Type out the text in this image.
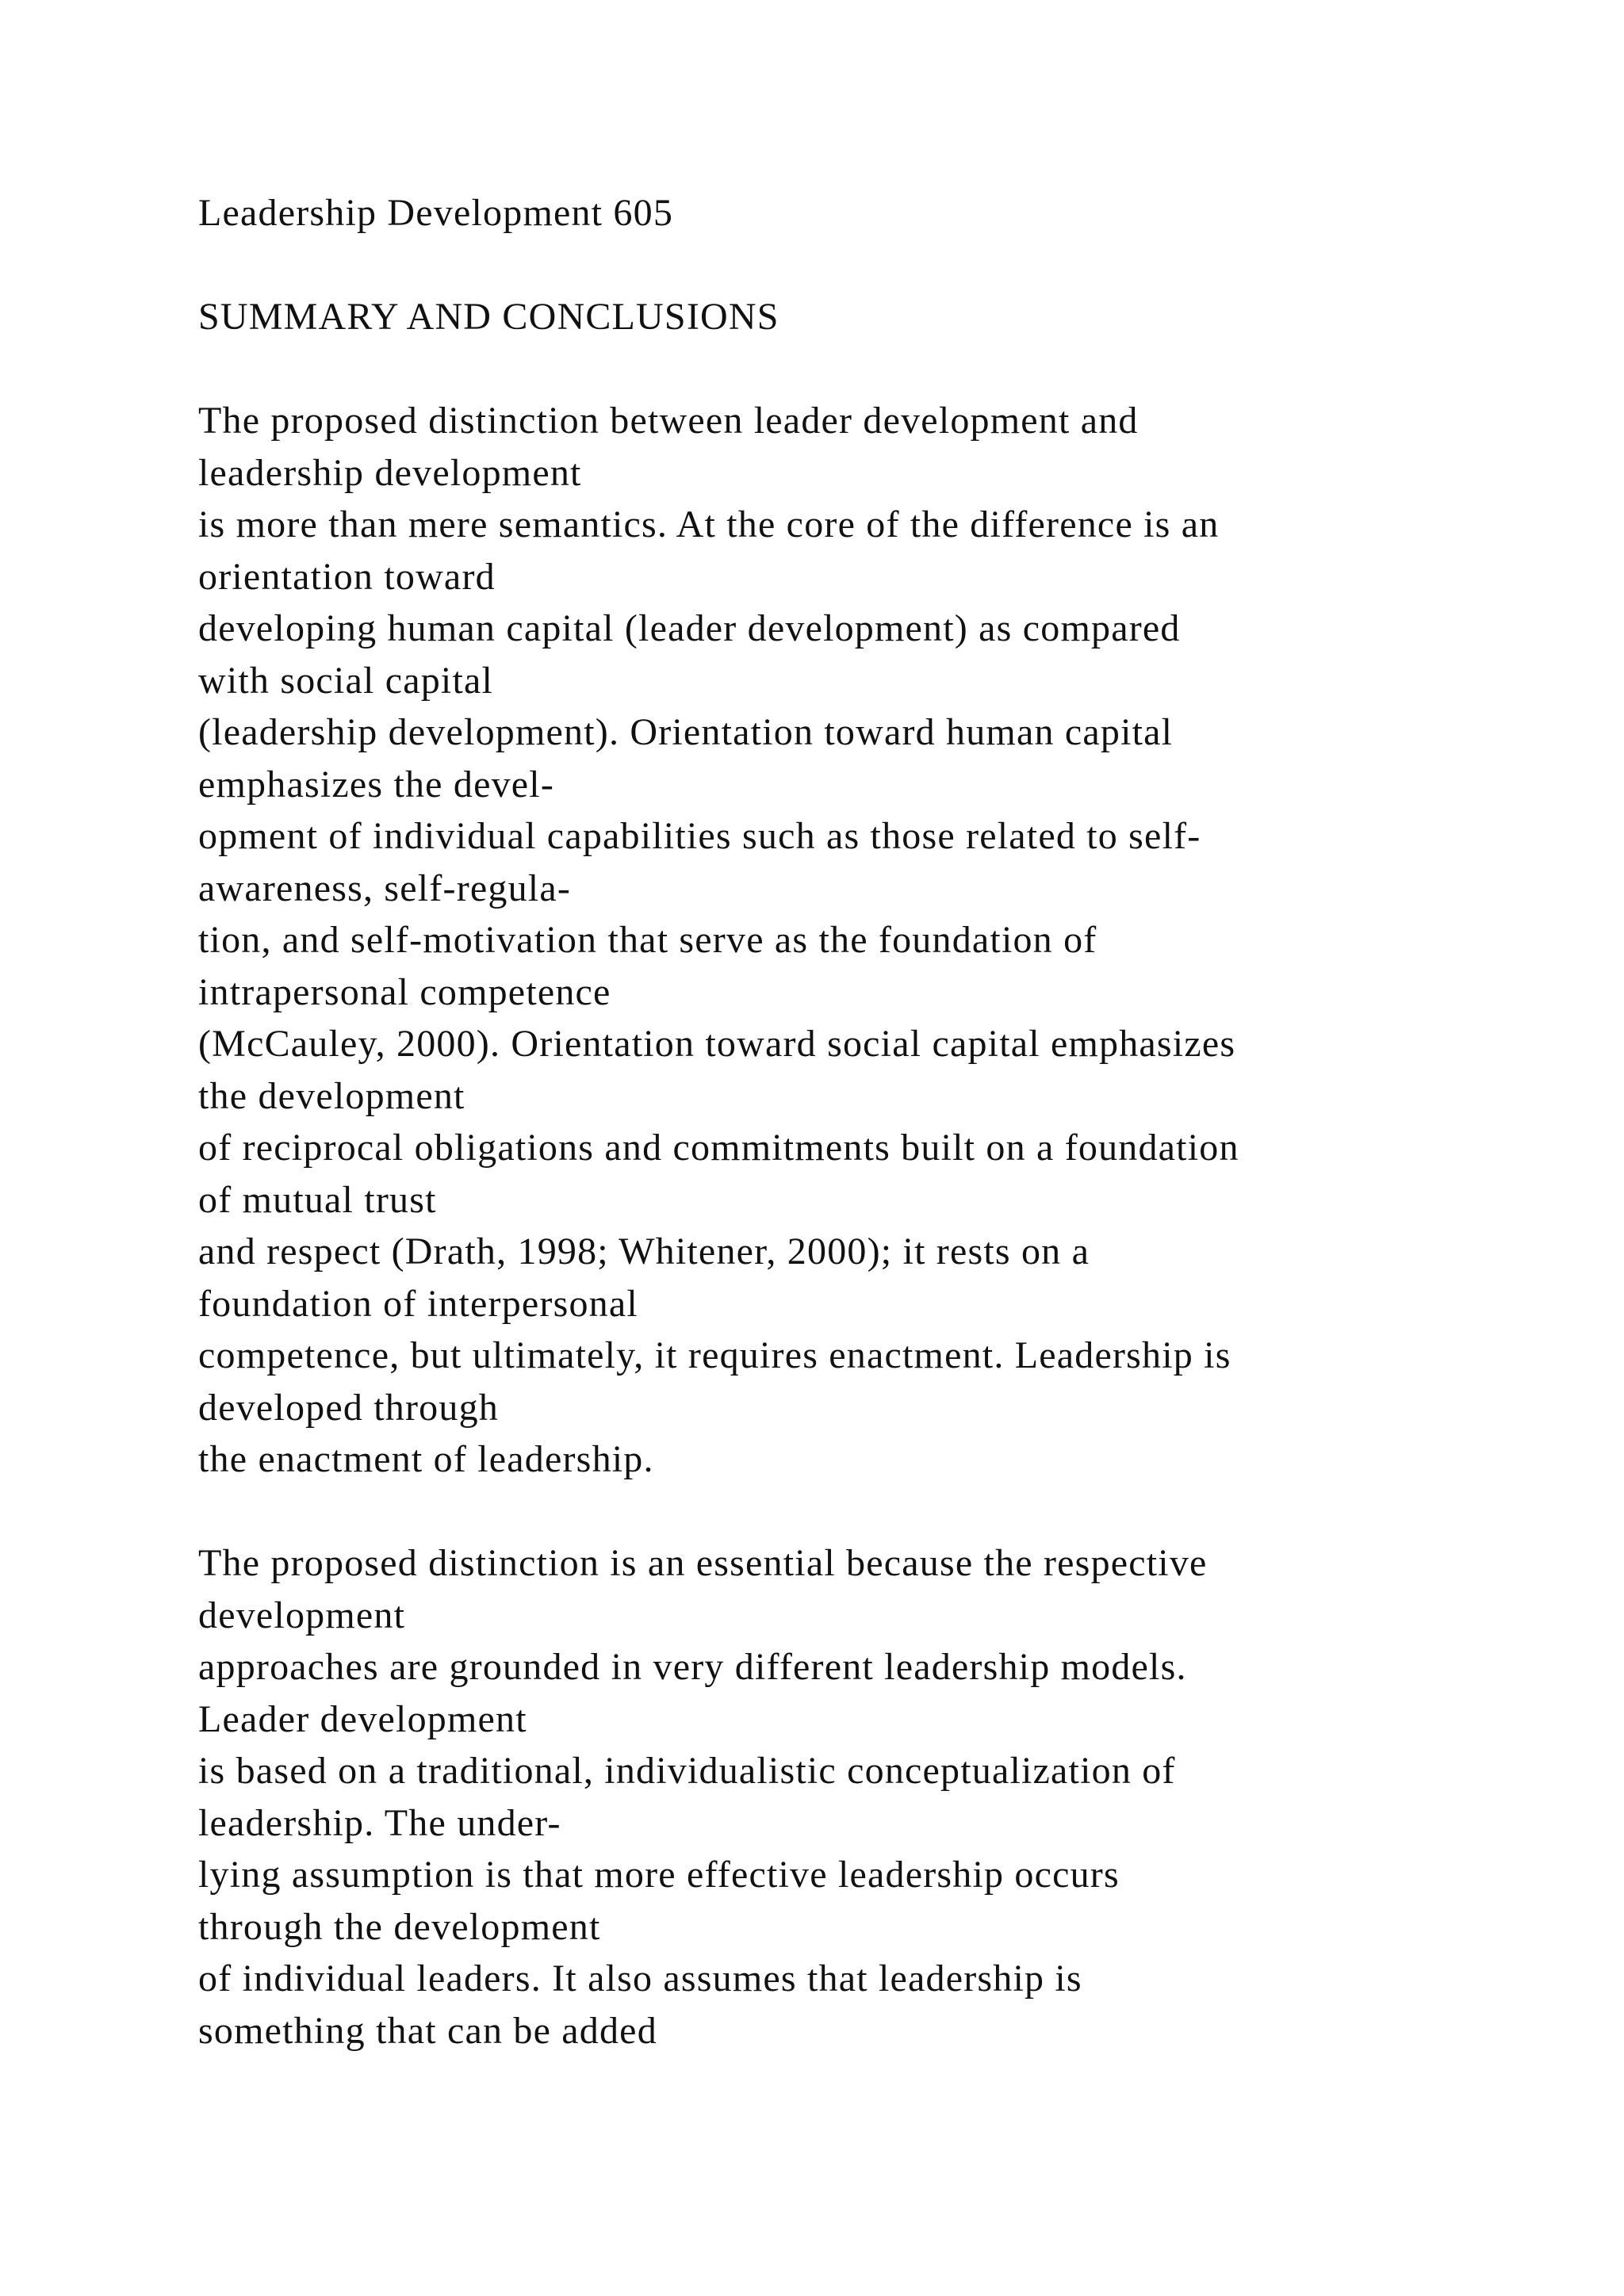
Leadership Development 605
SUMMARY AND CONCLUSIONS
The proposed distinction between leader development and
leadership development
is more than mere semantics. At the core of the difference is an
orientation toward
developing human capital (leader development) as compared
with social capital
(leadership development). Orientation toward human capital
emphasizes the devel-
opment of individual capabilities such as those related to self-
awareness, self-regula-
tion, and self-motivation that serve as the foundation of
intrapersonal competence
(McCauley, 2000). Orientation toward social capital emphasizes
the development
of reciprocal obligations and commitments built on a foundation
of mutual trust
and respect (Drath, 1998; Whitener, 2000); it rests on a
foundation of interpersonal
competence, but ultimately, it requires enactment. Leadership is
developed through
the enactment of leadership.
The proposed distinction is an essential because the respective
development
approaches are grounded in very different leadership models.
Leader development
is based on a traditional, individualistic conceptualization of
leadership. The under-
lying assumption is that more effective leadership occurs
through the development
of individual leaders. It also assumes that leadership is
something that can be added
